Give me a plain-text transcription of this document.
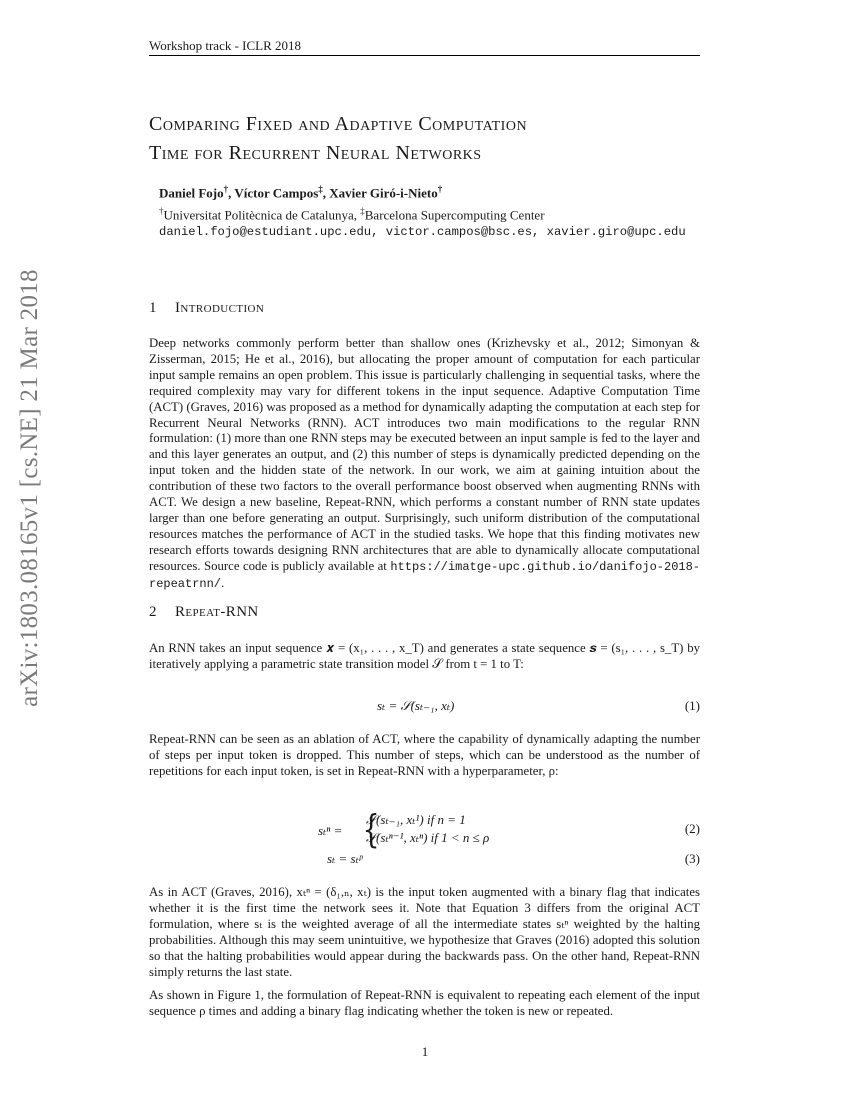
Workshop track - ICLR 2018
arXiv:1803.08165v1 [cs.NE] 21 Mar 2018
Comparing Fixed and Adaptive Computation
Time for Recurrent Neural Networks
Daniel Fojo†, Víctor Campos‡, Xavier Giró-i-Nieto†
†Universitat Politècnica de Catalunya, ‡Barcelona Supercomputing Center
daniel.fojo@estudiant.upc.edu, victor.campos@bsc.es, xavier.giro@upc.edu
1 Introduction

Deep networks commonly perform better than shallow ones (Krizhevsky et al., 2012; Simonyan & Zisserman, 2015; He et al., 2016), but allocating the proper amount of computation for each particular input sample remains an open problem. This issue is particularly challenging in sequential tasks, where the required complexity may vary for different tokens in the input sequence. Adaptive Computation Time (ACT) (Graves, 2016) was proposed as a method for dynamically adapting the computation at each step for Recurrent Neural Networks (RNN). ACT introduces two main modifications to the regular RNN formulation: (1) more than one RNN steps may be executed between an input sample is fed to the layer and and this layer generates an output, and (2) this number of steps is dynamically predicted depending on the input token and the hidden state of the network. In our work, we aim at gaining intuition about the contribution of these two factors to the overall performance boost observed when augmenting RNNs with ACT. We design a new baseline, Repeat-RNN, which performs a constant number of RNN state updates larger than one before generating an output. Surprisingly, such uniform distribution of the computational resources matches the performance of ACT in the studied tasks. We hope that this finding motivates new research efforts towards designing RNN architectures that are able to dynamically allocate computational resources. Source code is publicly available at https://imatge-upc.github.io/danifojo-2018-repeatrnn/.

2 Repeat-RNN

An RNN takes an input sequence 𝒙 = (x₁, . . . , x_T) and generates a state sequence 𝒔 = (s₁, . . . , s_T) by iteratively applying a parametric state transition model 𝒮 from t = 1 to T:

sₜ = 𝒮(sₜ₋₁, xₜ)	(1)

Repeat-RNN can be seen as an ablation of ACT, where the capability of dynamically adapting the number of steps per input token is dropped. This number of steps, which can be understood as the number of repetitions for each input token, is set in Repeat-RNN with a hyperparameter, ρ:

sₜⁿ = {
𝒮(sₜ₋₁, xₜ¹) if n = 1
𝒮(sₜⁿ⁻¹, xₜⁿ) if 1 < n ≤ ρ
(2)
sₜ = sₜᵖ	(3)

As in ACT (Graves, 2016), xₜⁿ = (δ₁,ₙ, xₜ) is the input token augmented with a binary flag that indicates whether it is the first time the network sees it. Note that Equation 3 differs from the original ACT formulation, where sₜ is the weighted average of all the intermediate states sₜⁿ weighted by the halting probabilities. Although this may seem unintuitive, we hypothesize that Graves (2016) adopted this solution so that the halting probabilities would appear during the backwards pass. On the other hand, Repeat-RNN simply returns the last state.

As shown in Figure 1, the formulation of Repeat-RNN is equivalent to repeating each element of the input sequence ρ times and adding a binary flag indicating whether the token is new or repeated.

1
